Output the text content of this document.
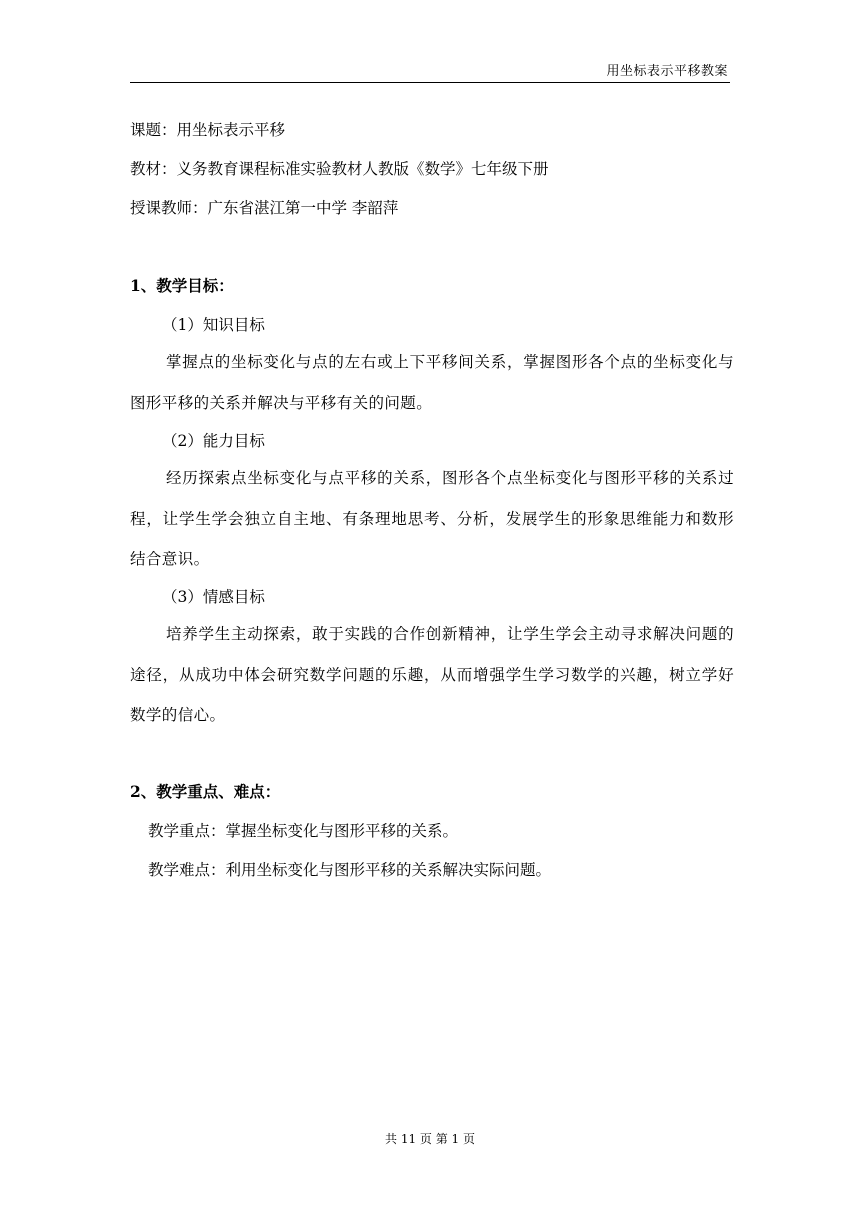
用坐标表示平移教案
课题：用坐标表示平移
教材：义务教育课程标准实验教材人教版《数学》七年级下册
授课教师：广东省湛江第一中学 李韶萍
1、教学目标：
（1）知识目标
掌握点的坐标变化与点的左右或上下平移间关系，掌握图形各个点的坐标变化与图形平移的关系并解决与平移有关的问题。
（2）能力目标
经历探索点坐标变化与点平移的关系，图形各个点坐标变化与图形平移的关系过程，让学生学会独立自主地、有条理地思考、分析，发展学生的形象思维能力和数形结合意识。
（3）情感目标
培养学生主动探索，敢于实践的合作创新精神，让学生学会主动寻求解决问题的途径，从成功中体会研究数学问题的乐趣，从而增强学生学习数学的兴趣，树立学好数学的信心。
2、教学重点、难点：
教学重点：掌握坐标变化与图形平移的关系。
教学难点：利用坐标变化与图形平移的关系解决实际问题。
共 11 页 第 1 页
